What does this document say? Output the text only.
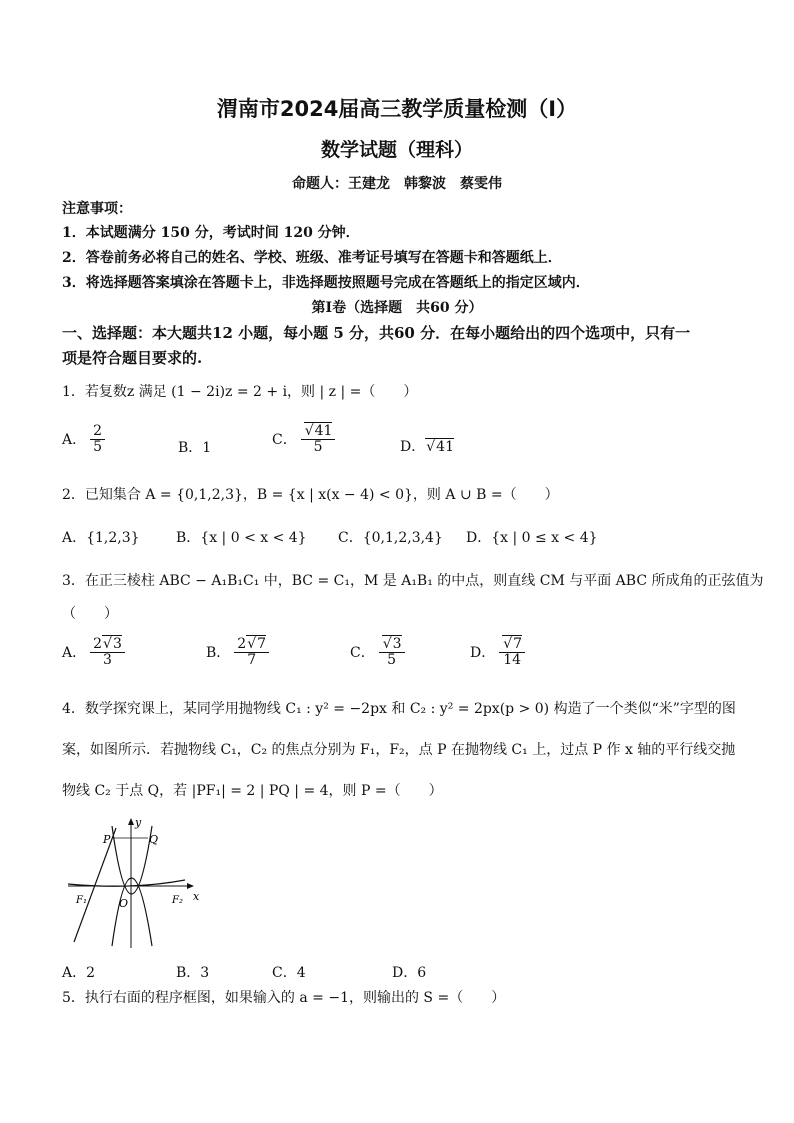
渭南市2024届高三教学质量检测（Ⅰ）
数学试题（理科）
命题人：王建龙　韩黎波　蔡雯伟
注意事项：
1．本试题满分 150 分，考试时间 120 分钟．
2．答卷前务必将自己的姓名、学校、班级、准考证号填写在答题卡和答题纸上．
3．将选择题答案填涂在答题卡上，非选择题按照题号完成在答题纸上的指定区域内．
第Ⅰ卷（选择题　共60 分）
一、选择题：本大题共12 小题，每小题 5 分，共60 分．在每小题给出的四个选项中，只有一
项是符合题目要求的.
1．若复数z 满足 (1 − 2i)z = 2 + i，则 | z | =（　　）
A． $\frac{2}{5}$	B．1
C． √ $\frac{41}{5}$	D． √ 41
2．已知集合 A = {0,1,2,3}，B = {x | x(x − 4) < 0}，则 A ∪ B =（　　）
A．{1,2,3}	B．{x | 0 < x < 4} C．{0,1,2,3,4} D．{x | 0 ≤ x < 4}
3．在正三棱柱 ABC − A₁B₁C₁ 中，BC = C₁，M 是 A₁B₁ 的中点，则直线 CM 与平面 ABC 所成角的正弦值为
（　　）
A． $\frac{2 √ 3}{3}$	B． $\frac{2 √ 7}{7}$	C． √ $\frac{3}{5}$	D． √ $\frac{7}{14}$
4．数学探究课上，某同学用抛物线 C₁ : y² = −2px 和 C₂ : y² = 2px(p > 0) 构造了一个类似“米”字型的图
案，如图所示．若抛物线 C₁，C₂ 的焦点分别为 F₁，F₂，点 P 在抛物线 C₁ 上，过点 P 作 x 轴的平行线交抛
物线 C₂ 于点 Q，若 |PF₁| = 2 | PQ | = 4，则 P =（　　）
y
x
P	Q
O
F₁	F₂
A．2	B．3	C．4	D．6
5．执行右面的程序框图，如果输入的 a = −1，则输出的 S =（　　）
